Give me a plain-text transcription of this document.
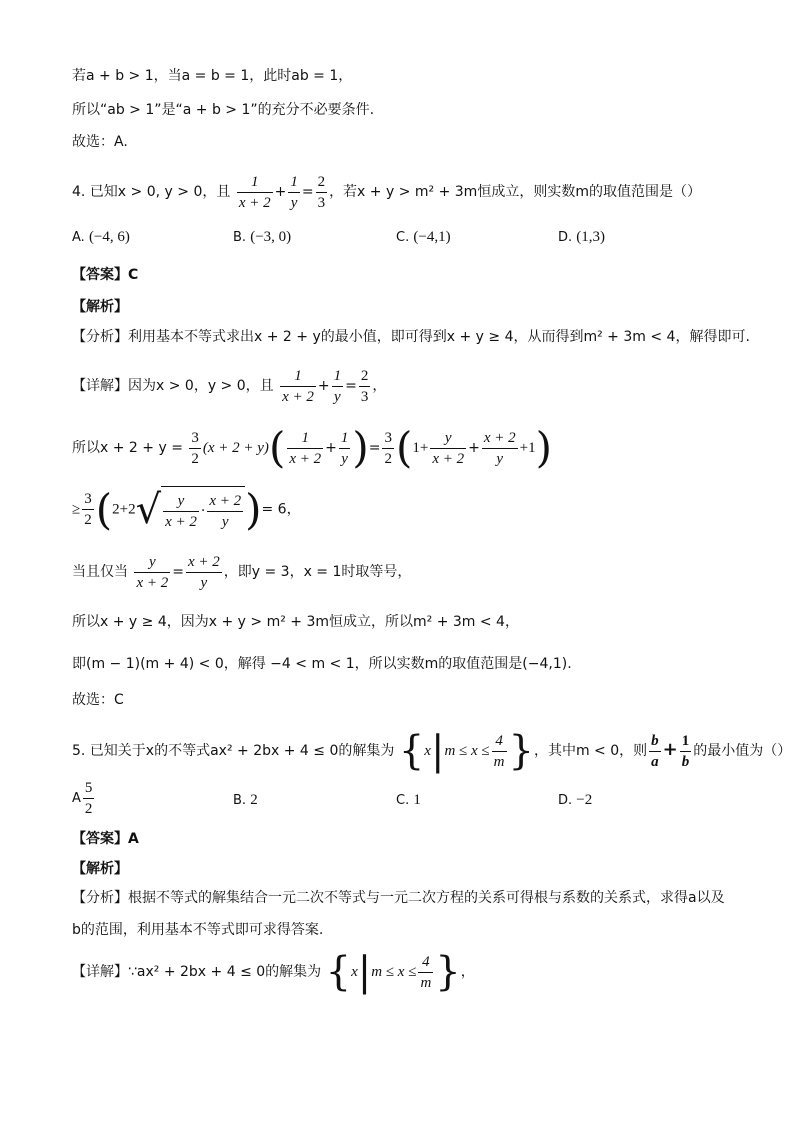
若a + b > 1，当a = b = 1，此时ab = 1，
所以“ab > 1”是“a + b > 1”的充分不必要条件.
故选：A.
4. 已知x > 0, y > 0，且 $\frac{1}{x + 2} + \frac{1}{y} = \frac{2}{3}$ ，若x + y > m² + 3m恒成立，则实数m的取值范围是（）
A. (−4, 6)	B. (−3, 0)	C. (−4,1)	D. (1,3)
【答案】C
【解析】
【分析】利用基本不等式求出x + 2 + y的最小值，即可得到x + y ≥ 4，从而得到m² + 3m < 4，解得即可.
【详解】因为x > 0，y > 0，且 $\frac{1}{x + 2} + \frac{1}{y} = \frac{2}{3}$ ，
所以$x + 2 + y = \frac{3}{2} (x + 2 + y)( \frac{1}{x + 2} + \frac{1}{y}$ )= $\frac{3}{2} (1+ \frac{y}{x + 2} + \frac{x + 2}{y} +1)$
≥ $\frac{3}{2} (2+2√ \frac{y}{x + 2} \cdot \frac{x + 2}{y}$ )= 6，
当且仅当 $\frac{y}{x + 2} = \frac{x + 2}{y}$ ，即y = 3，x = 1时取等号，
所以x + y ≥ 4，因为x + y > m² + 3m恒成立，所以m² + 3m < 4，
即(m − 1)(m + 4) < 0，解得 −4 < m < 1，所以实数m的取值范围是(−4,1).
故选：C
5. 已知关于x的不等式ax² + 2bx + 4 ≤ 0的解集为 {$x|m \le x \le \frac{4}{m}$ }，其中m < 0，则 $\frac{b}{a} + \frac{1}{b}$ 的最小值为（）
A $\frac{5}{2}$	B. 2	C. 1	D. −2
【答案】A
【解析】
【分析】根据不等式的解集结合一元二次不等式与一元二次方程的关系可得根与系数的关系式，求得a以及
b的范围，利用基本不等式即可求得答案.
【详解】∵ax² + 2bx + 4 ≤ 0的解集为 {$x|m \le x \le \frac{4}{m}$ }，
